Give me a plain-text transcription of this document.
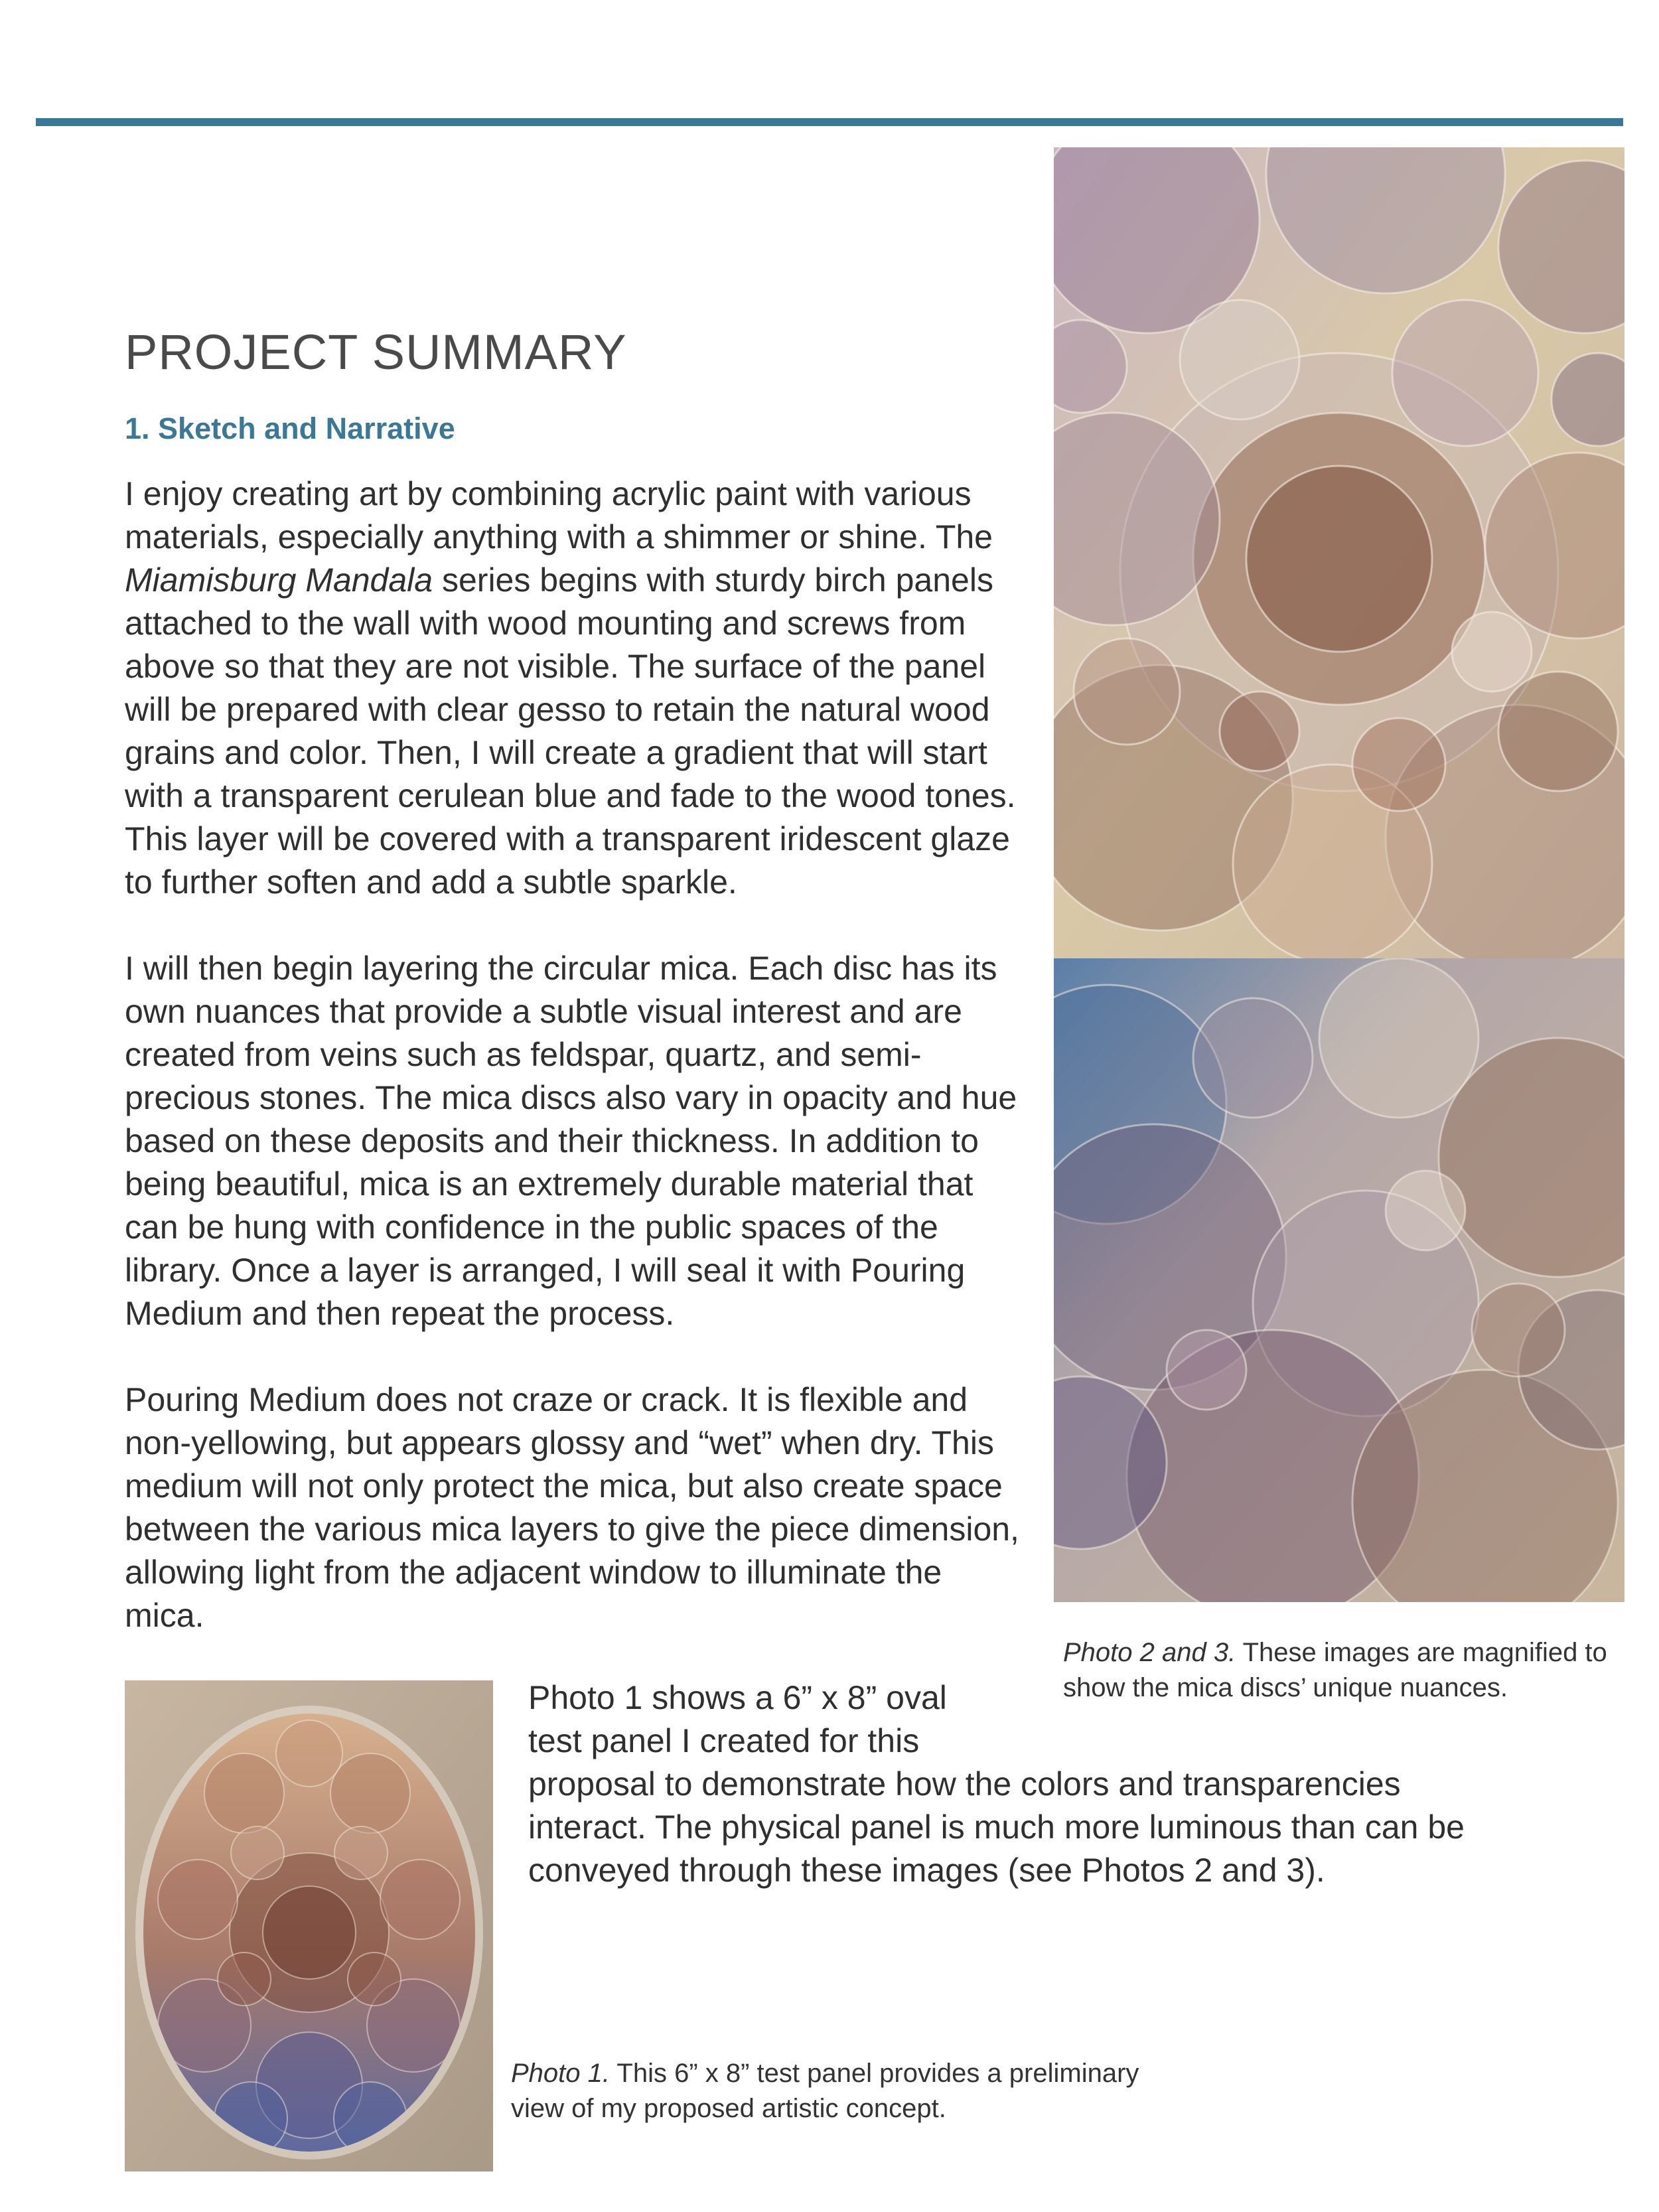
PROJECT SUMMARY
1. Sketch and Narrative

I enjoy creating art by combining acrylic paint with various materials, especially anything with a shimmer or shine. The Miamisburg Mandala series begins with sturdy birch panels attached to the wall with wood mounting and screws from above so that they are not visible. The surface of the panel will be prepared with clear gesso to retain the natural wood grains and color. Then, I will create a gradient that will start with a transparent cerulean blue and fade to the wood tones. This layer will be covered with a transparent iridescent glaze to further soften and add a subtle sparkle.

I will then begin layering the circular mica. Each disc has its own nuances that provide a subtle visual interest and are created from veins such as feldspar, quartz, and semi-precious stones. The mica discs also vary in opacity and hue based on these deposits and their thickness. In addition to being beautiful, mica is an extremely durable material that can be hung with confidence in the public spaces of the library. Once a layer is arranged, I will seal it with Pouring Medium and then repeat the process.

Pouring Medium does not craze or crack. It is flexible and non-yellowing, but appears glossy and “wet” when dry. This medium will not only protect the mica, but also create space between the various mica layers to give the piece dimension, allowing light from the adjacent window to illuminate the mica.

Photo 2 and 3. These images are magnified to show the mica discs’ unique nuances.
Photo 1 shows a 6” x 8” oval test panel I created for this
proposal to demonstrate how the colors and transparencies interact. The physical panel is much more luminous than can be conveyed through these images (see Photos 2 and 3).
Photo 1. This 6” x 8” test panel provides a preliminary view of my proposed artistic concept.
